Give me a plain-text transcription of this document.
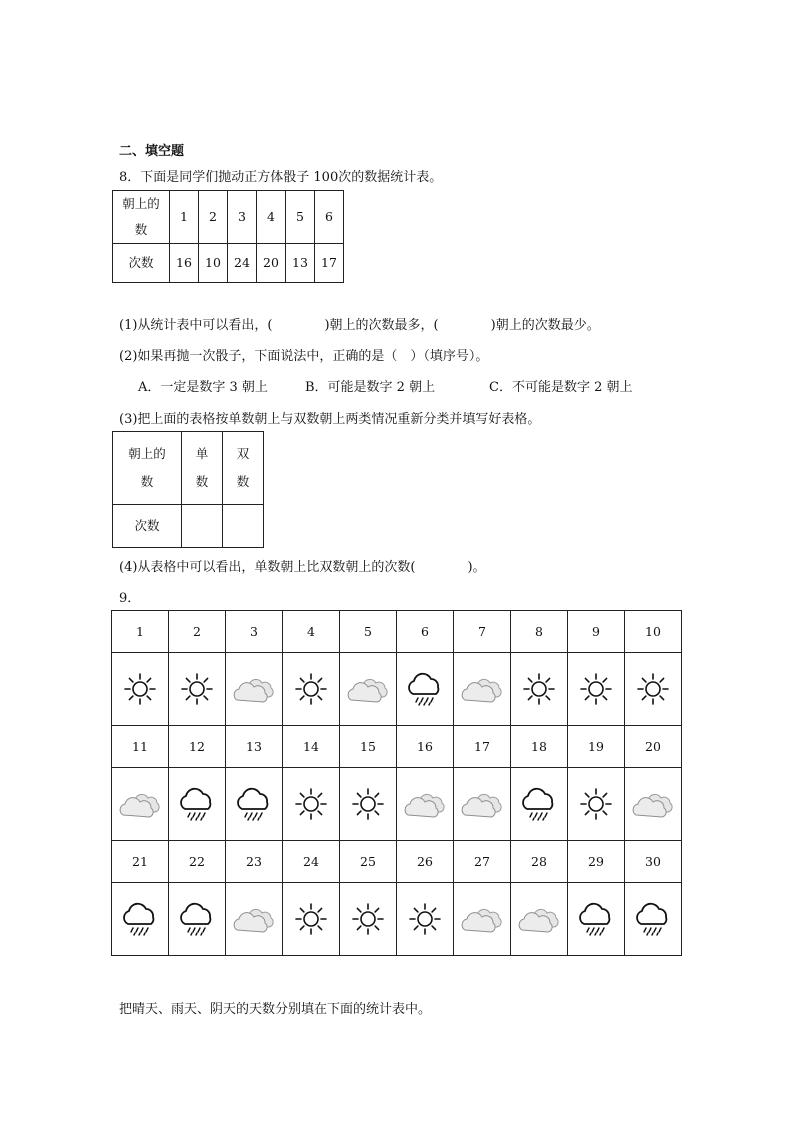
二、填空题
8．下面是同学们抛动正方体骰子 100次的数据统计表。
朝上的数	1	2	3	4	5	6
次数	16	10	24	20	13	17
(1)从统计表中可以看出，(　　　　)朝上的次数最多，(　　　　)朝上的次数最少。
(2)如果再抛一次骰子，下面说法中，正确的是（　）（填序号）。
A．一定是数字 3 朝上	B．可能是数字 2 朝上	C．不可能是数字 2 朝上
(3)把上面的表格按单数朝上与双数朝上两类情况重新分类并填写好表格。
朝上的数	单数	双数

次数		
(4)从表格中可以看出，单数朝上比双数朝上的次数(　　　　)。
9．
1	2	3	4	5	6	7	8	9	10

11	12	13	14	15	16	17	18	19	20

21	22	23	24	25	26	27	28	29	30

把晴天、雨天、阴天的天数分别填在下面的统计表中。
